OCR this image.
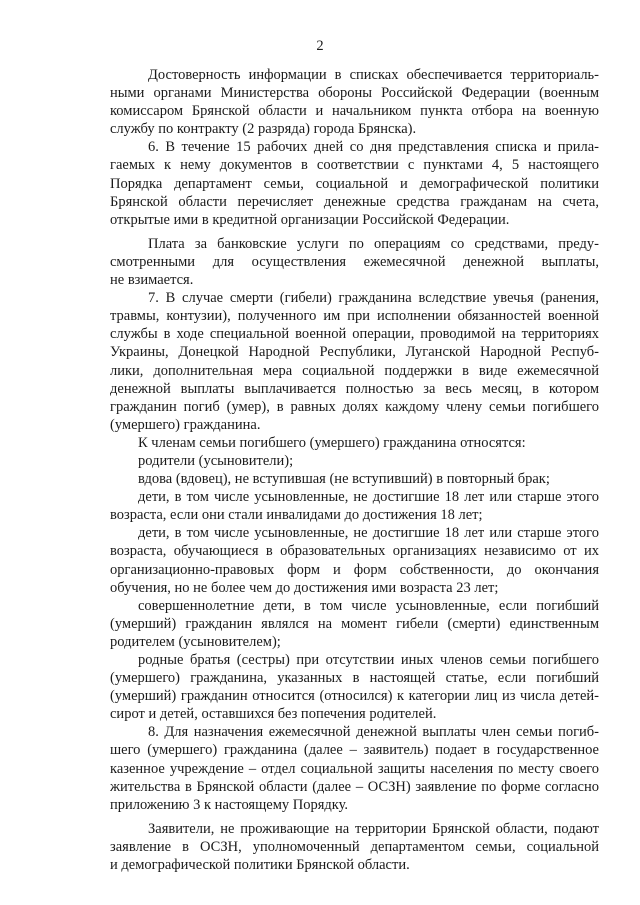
2
Достоверность информации в списках обеспечивается территориаль-
ными органами Министерства обороны Российской Федерации (военным
комиссаром Брянской области и начальником пункта отбора на военную
службу по контракту (2 разряда) города Брянска).
6. В течение 15 рабочих дней со дня представления списка и прила-
гаемых к нему документов в соответствии с пунктами 4, 5 настоящего
Порядка департамент семьи, социальной и демографической политики
Брянской области перечисляет денежные средства гражданам на счета,
открытые ими в кредитной организации Российской Федерации.
Плата за банковские услуги по операциям со средствами, преду-
смотренными для осуществления ежемесячной денежной выплаты,
не взимается.
7. В случае смерти (гибели) гражданина вследствие увечья (ранения,
травмы, контузии), полученного им при исполнении обязанностей военной
службы в ходе специальной военной операции, проводимой на территориях
Украины, Донецкой Народной Республики, Луганской Народной Респуб-
лики, дополнительная мера социальной поддержки в виде ежемесячной
денежной выплаты выплачивается полностью за весь месяц, в котором
гражданин погиб (умер), в равных долях каждому члену семьи погибшего
(умершего) гражданина.
К членам семьи погибшего (умершего) гражданина относятся:
родители (усыновители);
вдова (вдовец), не вступившая (не вступивший) в повторный брак;
дети, в том числе усыновленные, не достигшие 18 лет или старше этого
возраста, если они стали инвалидами до достижения 18 лет;
дети, в том числе усыновленные, не достигшие 18 лет или старше этого
возраста, обучающиеся в образовательных организациях независимо от их
организационно-правовых форм и форм собственности, до окончания
обучения, но не более чем до достижения ими возраста 23 лет;
совершеннолетние дети, в том числе усыновленные, если погибший
(умерший) гражданин являлся на момент гибели (смерти) единственным
родителем (усыновителем);
родные братья (сестры) при отсутствии иных членов семьи погибшего
(умершего) гражданина, указанных в настоящей статье, если погибший
(умерший) гражданин относится (относился) к категории лиц из числа детей-
сирот и детей, оставшихся без попечения родителей.
8. Для назначения ежемесячной денежной выплаты член семьи погиб-
шего (умершего) гражданина (далее – заявитель) подает в государственное
казенное учреждение – отдел социальной защиты населения по месту своего
жительства в Брянской области (далее – ОСЗН) заявление по форме согласно
приложению 3 к настоящему Порядку.
Заявители, не проживающие на территории Брянской области, подают
заявление в ОСЗН, уполномоченный департаментом семьи, социальной
и демографической политики Брянской области.
